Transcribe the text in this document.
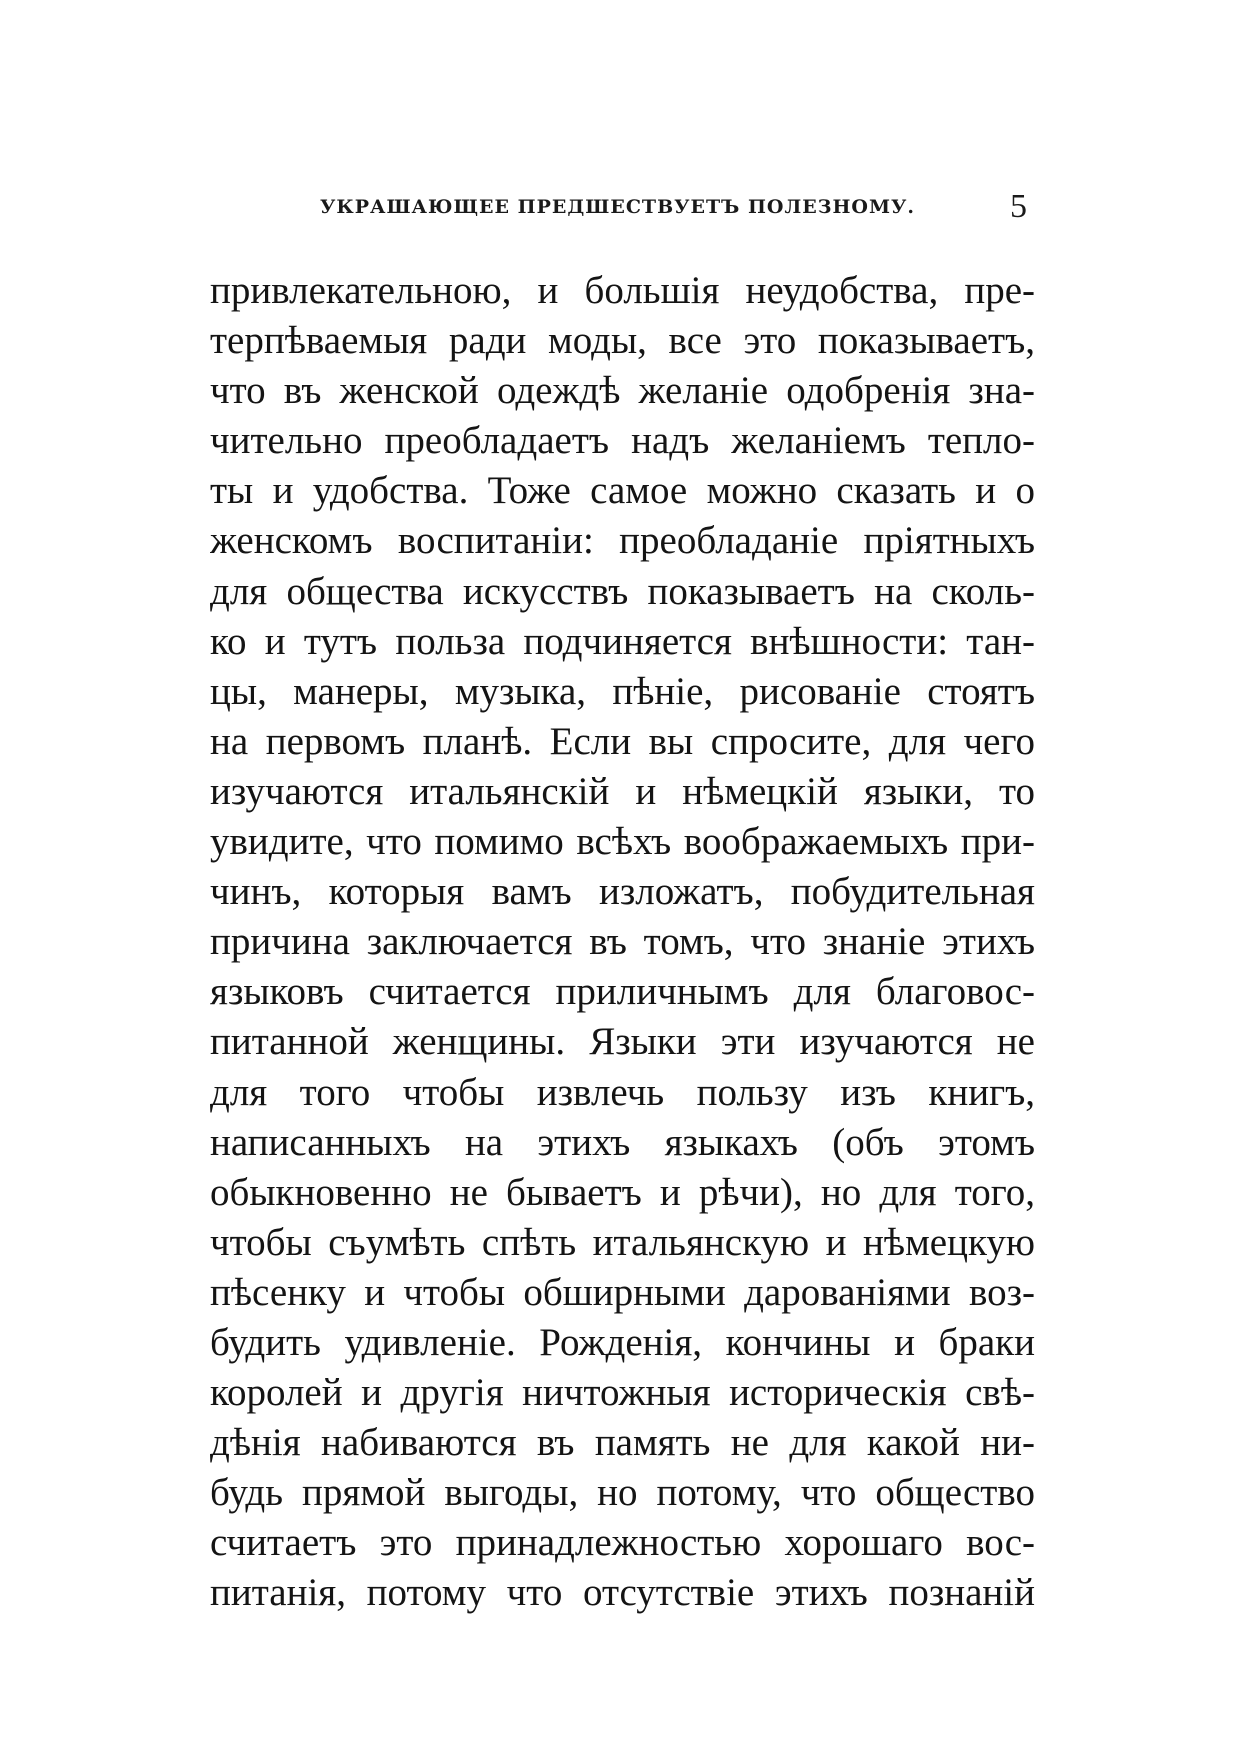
УКРАШАЮЩЕЕ ПРЕДШЕСТВУЕТЪ ПОЛЕЗНОМУ.	5
привлекательною, и большія неудобства, пре-
терпѣваемыя ради моды, все это показываетъ,
что въ женской одеждѣ желаніе одобренія зна-
чительно преобладаетъ надъ желаніемъ тепло-
ты и удобства. Тоже самое можно сказать и о
женскомъ воспитаніи: преобладаніе пріятныхъ
для общества искусствъ показываетъ на сколь-
ко и тутъ польза подчиняется внѣшности: тан-
цы, манеры, музыка, пѣніе, рисованіе стоятъ
на первомъ планѣ. Если вы спросите, для чего
изучаются итальянскій и нѣмецкій языки, то
увидите, что помимо всѣхъ воображаемыхъ при-
чинъ, которыя вамъ изложатъ, побудительная
причина заключается въ томъ, что знаніе этихъ
языковъ считается приличнымъ для благовос-
питанной женщины. Языки эти изучаются не
для того чтобы извлечь пользу изъ книгъ,
написанныхъ на этихъ языкахъ (объ этомъ
обыкновенно не бываетъ и рѣчи), но для того,
чтобы съумѣть спѣть итальянскую и нѣмецкую
пѣсенку и чтобы обширными дарованіями воз-
будить удивленіе. Рожденія, кончины и браки
королей и другія ничтожныя историческія свѣ-
дѣнія набиваются въ память не для какой ни-
будь прямой выгоды, но потому, что общество
считаетъ это принадлежностью хорошаго вос-
питанія, потому что отсутствіе этихъ познаній
